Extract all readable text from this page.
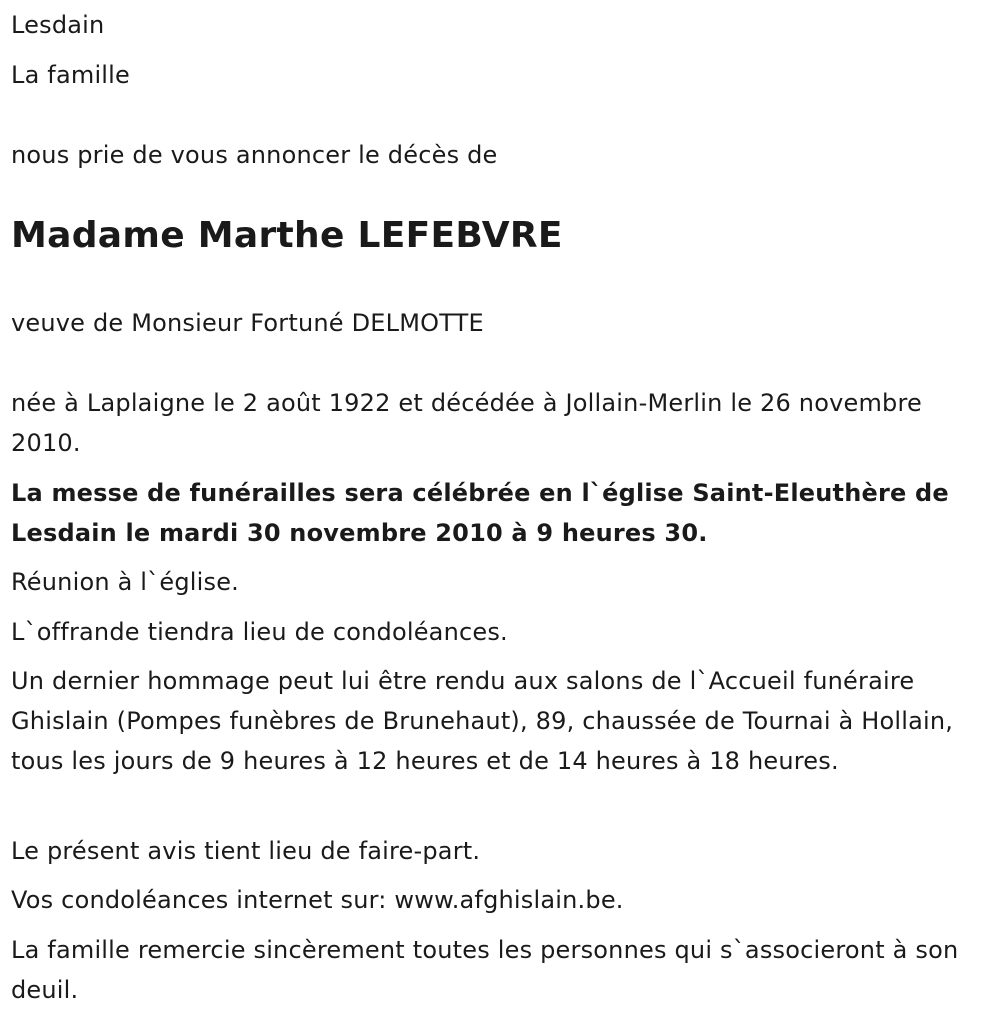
Lesdain

La famille

nous prie de vous annoncer le décès de

Madame Marthe LEFEBVRE

veuve de Monsieur Fortuné DELMOTTE

née à Laplaigne le 2 août 1922 et décédée à Jollain-Merlin le 26 novembre 2010.

La messe de funérailles sera célébrée en l`église Saint-Eleuthère de Lesdain le mardi 30 novembre 2010 à 9 heures 30.

Réunion à l`église.

L`offrande tiendra lieu de condoléances.

Un dernier hommage peut lui être rendu aux salons de l`Accueil funéraire Ghislain (Pompes funèbres de Brunehaut), 89, chaussée de Tournai à Hollain, tous les jours de 9 heures à 12 heures et de 14 heures à 18 heures.

Le présent avis tient lieu de faire-part.

Vos condoléances internet sur: www.afghislain.be.

La famille remercie sincèrement toutes les personnes qui s`associeront à son deuil.
